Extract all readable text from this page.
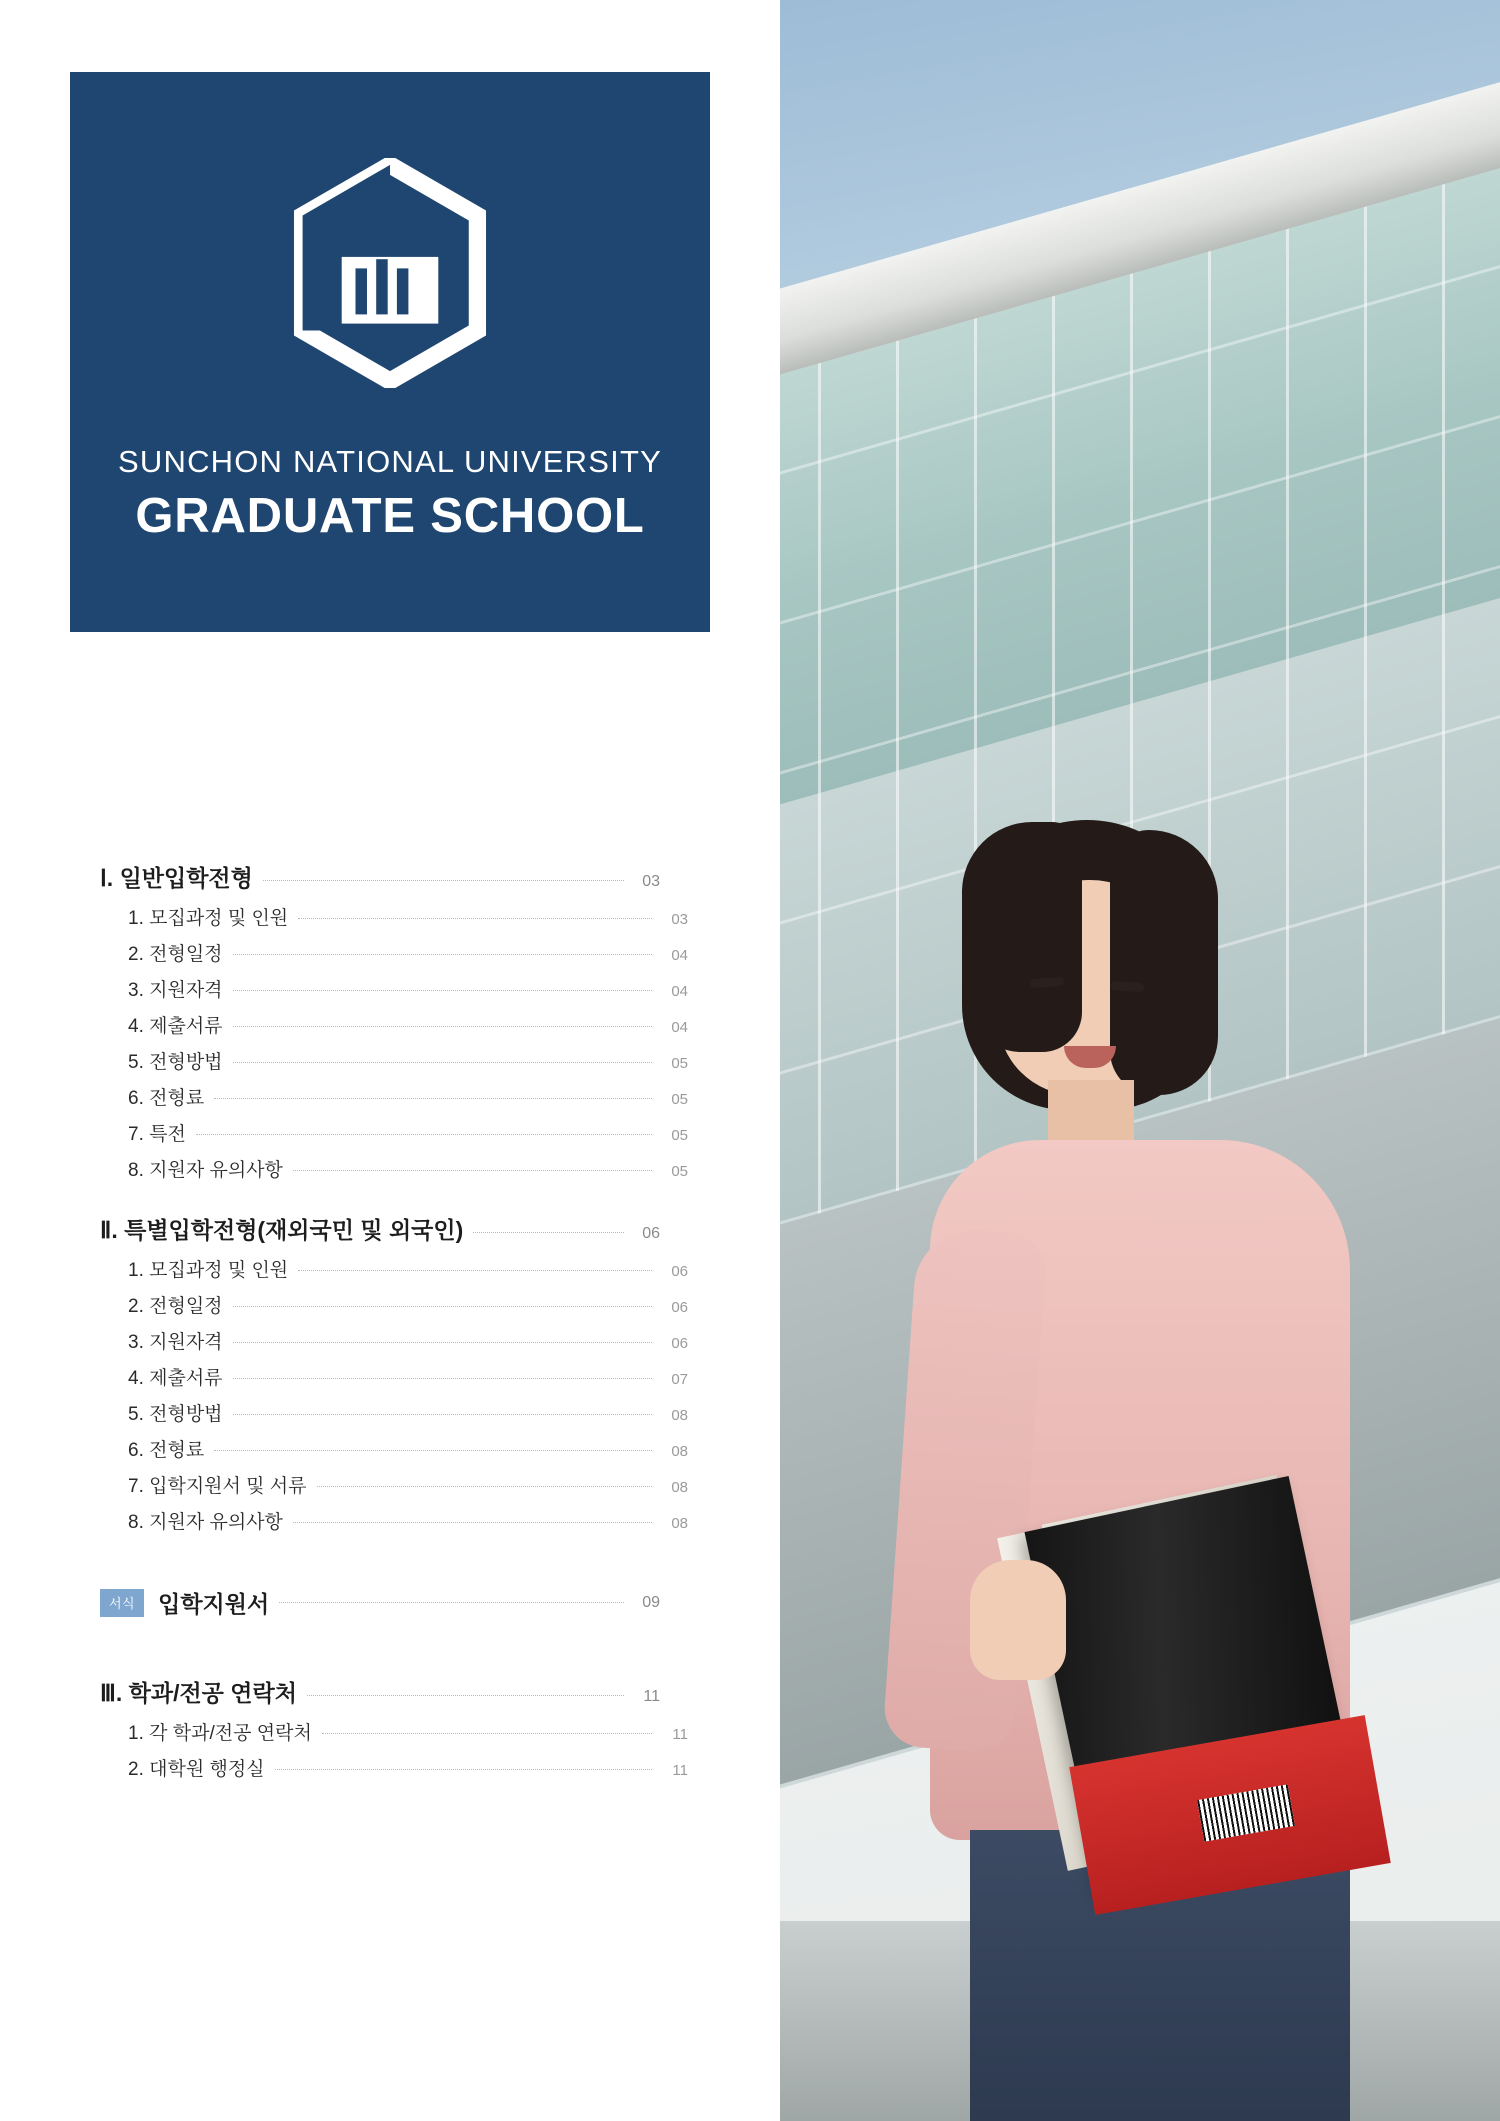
SUNCHON NATIONAL UNIVERSITY
GRADUATE SCHOOL
Ⅰ. 일반입학전형	03
1. 모집과정 및 인원	03
2. 전형일정	04
3. 지원자격	04
4. 제출서류	04
5. 전형방법	05
6. 전형료	05
7. 특전	05
8. 지원자 유의사항	05
Ⅱ. 특별입학전형(재외국민 및 외국인)	06
1. 모집과정 및 인원	06
2. 전형일정	06
3. 지원자격	06
4. 제출서류	07
5. 전형방법	08
6. 전형료	08
7. 입학지원서 및 서류	08
8. 지원자 유의사항	08
서식	입학지원서	09
Ⅲ. 학과/전공 연락처	11
1. 각 학과/전공 연락처	11
2. 대학원 행정실	11
